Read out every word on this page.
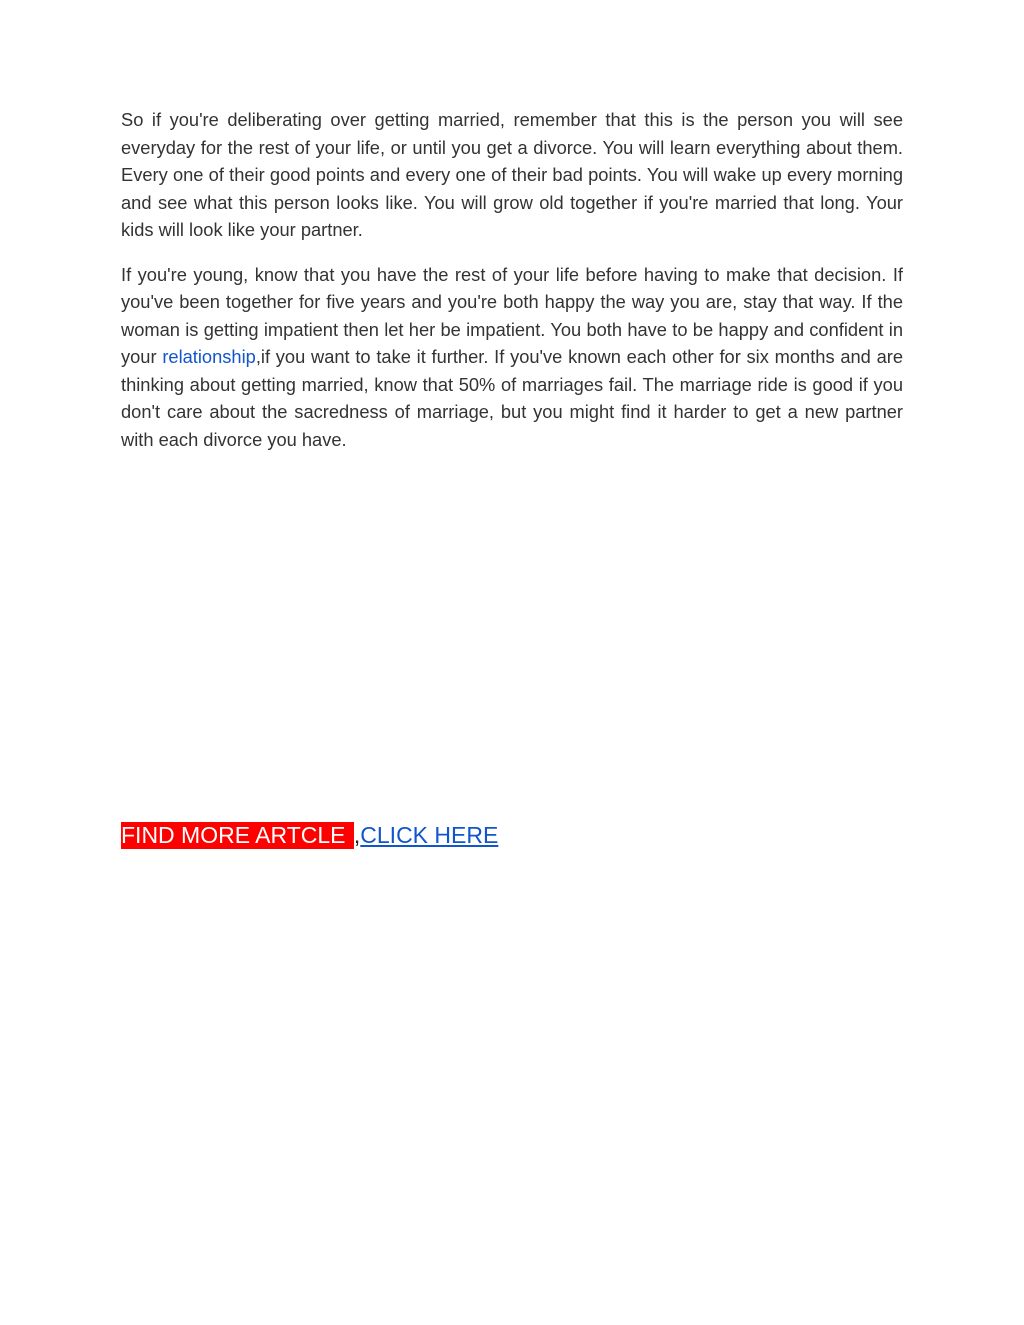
So if you're deliberating over getting married, remember that this is the person you will see everyday for the rest of your life, or until you get a divorce. You will learn everything about them. Every one of their good points and every one of their bad points. You will wake up every morning and see what this person looks like. You will grow old together if you're married that long. Your kids will look like your partner.

If you're young, know that you have the rest of your life before having to make that decision. If you've been together for five years and you're both happy the way you are, stay that way. If the woman is getting impatient then let her be impatient. You both have to be happy and confident in your relationship,if you want to take it further. If you've known each other for six months and are thinking about getting married, know that 50% of marriages fail. The marriage ride is good if you don't care about the sacredness of marriage, but you might find it harder to get a new partner with each divorce you have.

FIND MORE ARTCLE ,CLICK HERE
